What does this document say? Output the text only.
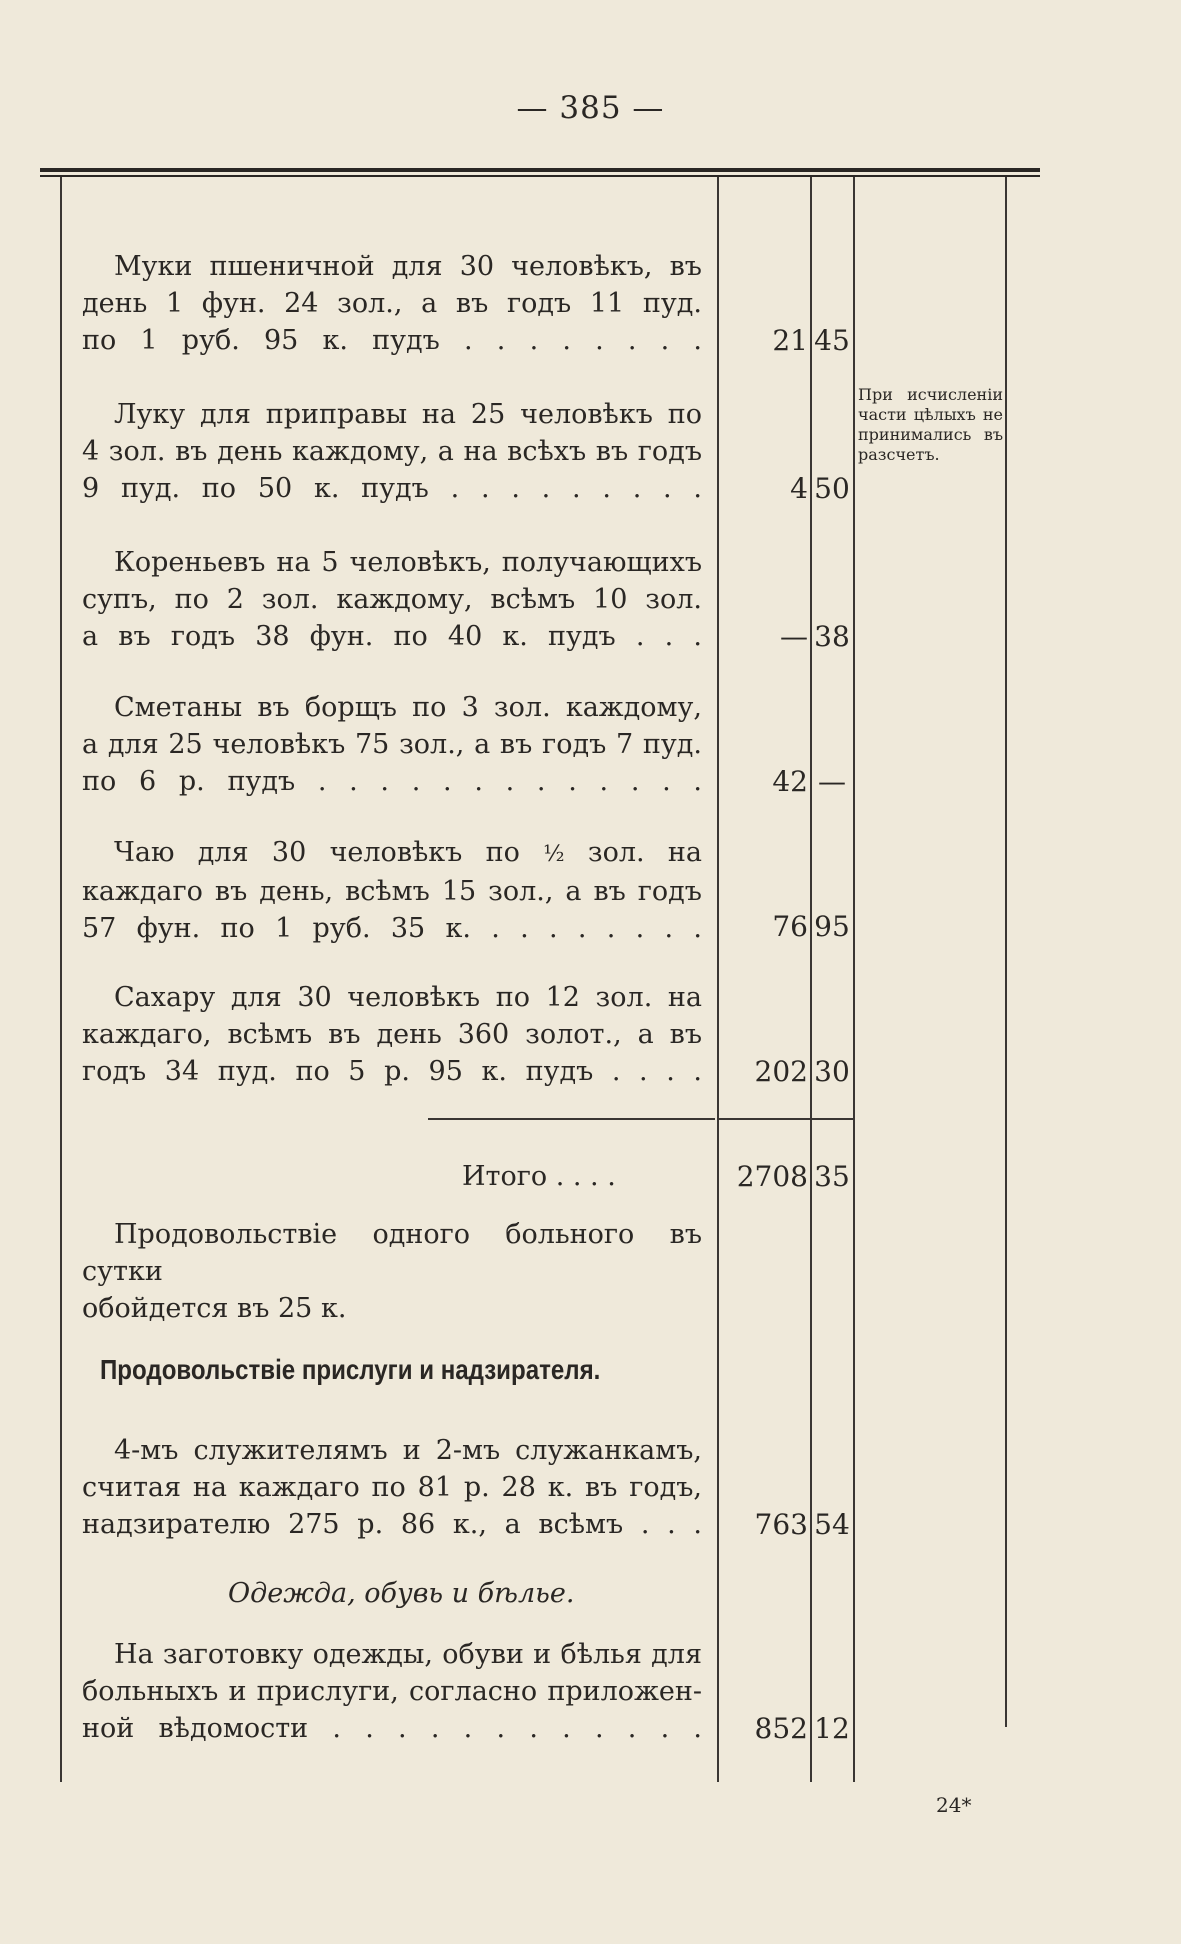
— 385 —

Муки пшеничной для 30 человѣкъ, въ

день 1 фун. 24 зол., а въ годъ 11 пуд.

по 1 руб. 95 к. пудъ . . . . . . . .	21 45

Луку для приправы на 25 человѣкъ по

4 зол. въ день каждому, а на всѣхъ въ годъ

9 пуд. по 50 к. пудъ . . . . . . . . .	4 50

Кореньевъ на 5 человѣкъ, получающихъ

супъ, по 2 зол. каждому, всѣмъ 10 зол.

а въ годъ 38 фун. по 40 к. пудъ . . .	— 38

Сметаны въ борщъ по 3 зол. каждому,

а для 25 человѣкъ 75 зол., а въ годъ 7 пуд.

по 6 р. пудъ . . . . . . . . . . . . .	42 —

Чаю для 30 человѣкъ по ½ зол. на

каждаго въ день, всѣмъ 15 зол., а въ годъ

57 фун. по 1 руб. 35 к. . . . . . . . .	76 95

Сахару для 30 человѣкъ по 12 зол. на

каждаго, всѣмъ въ день 360 золот., а въ

годъ 34 пуд. по 5 р. 95 к. пудъ . . . .	202 30

При исчисленіи части цѣлыхъ не принимались въ разсчетъ.

Итого . . . .	2708 35

Продовольствіе одного больного въ сутки

обойдется въ 25 к.

Продовольствіе прислуги и надзирателя.

4-мъ служителямъ и 2-мъ служанкамъ,

считая на каждаго по 81 р. 28 к. въ годъ,

надзирателю 275 р. 86 к., а всѣмъ . . .	763 54
Одежда, обувь и бѣлье.

На заготовку одежды, обуви и бѣлья для

больныхъ и прислуги, согласно приложен-

ной вѣдомости . . . . . . . . . . . .	852 12
24*
